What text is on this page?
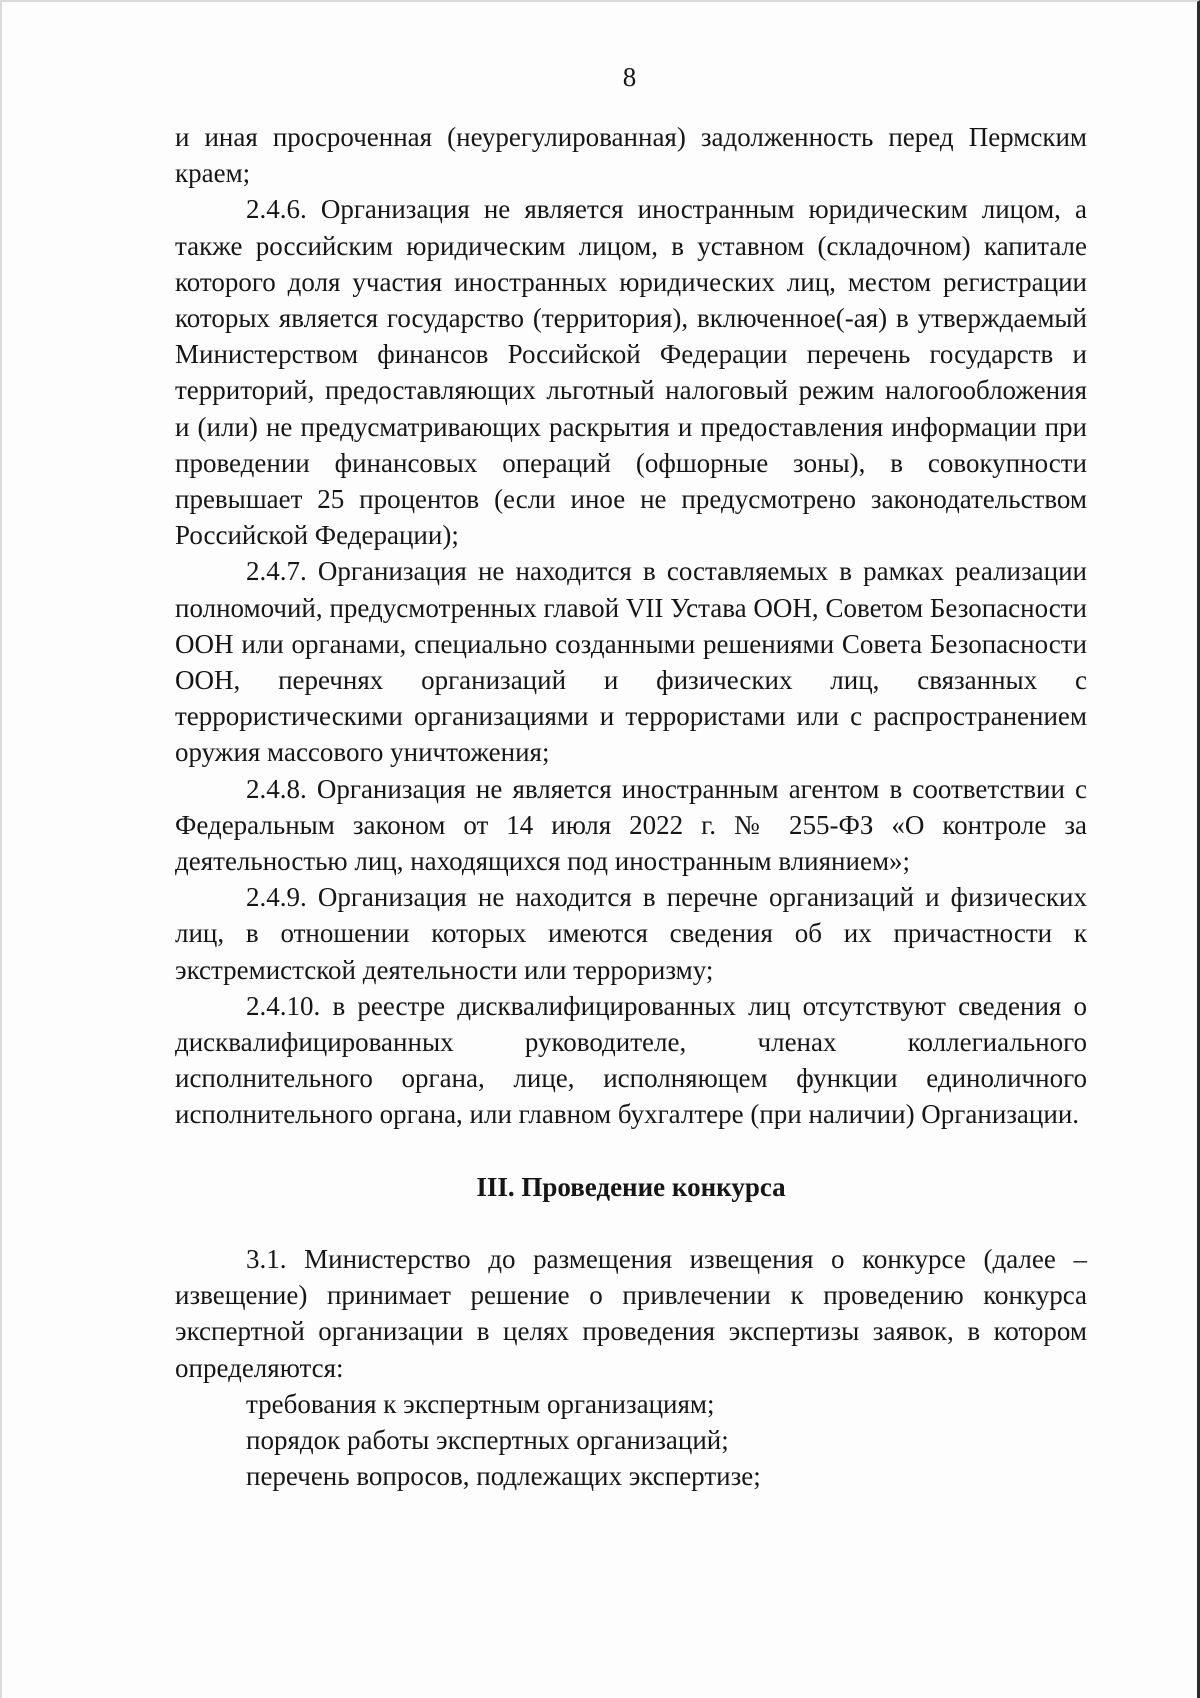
8

и иная просроченная (неурегулированная) задолженность перед Пермским краем;

2.4.6. Организация не является иностранным юридическим лицом, а также российским юридическим лицом, в уставном (складочном) капитале которого доля участия иностранных юридических лиц, местом регистрации которых является государство (территория), включенное(-ая) в утверждаемый Министерством финансов Российской Федерации перечень государств и территорий, предоставляющих льготный налоговый режим налогообложения и (или) не предусматривающих раскрытия и предоставления информации при проведении финансовых операций (офшорные зоны), в совокупности превышает 25 процентов (если иное не предусмотрено законодательством Российской Федерации);

2.4.7. Организация не находится в составляемых в рамках реализации полномочий, предусмотренных главой VII Устава ООН, Советом Безопасности ООН или органами, специально созданными решениями Совета Безопасности ООН, перечнях организаций и физических лиц, связанных с террористическими организациями и террористами или с распространением оружия массового уничтожения;

2.4.8. Организация не является иностранным агентом в соответствии с Федеральным законом от 14 июля 2022 г. № 255-ФЗ «О контроле за деятельностью лиц, находящихся под иностранным влиянием»;

2.4.9. Организация не находится в перечне организаций и физических лиц, в отношении которых имеются сведения об их причастности к экстремистской деятельности или терроризму;

2.4.10. в реестре дисквалифицированных лиц отсутствуют сведения о дисквалифицированных руководителе, членах коллегиального исполнительного органа, лице, исполняющем функции единоличного исполнительного органа, или главном бухгалтере (при наличии) Организации.

III. Проведение конкурса

3.1. Министерство до размещения извещения о конкурсе (далее – извещение) принимает решение о привлечении к проведению конкурса экспертной организации в целях проведения экспертизы заявок, в котором определяются:

требования к экспертным организациям;

порядок работы экспертных организаций;

перечень вопросов, подлежащих экспертизе;
